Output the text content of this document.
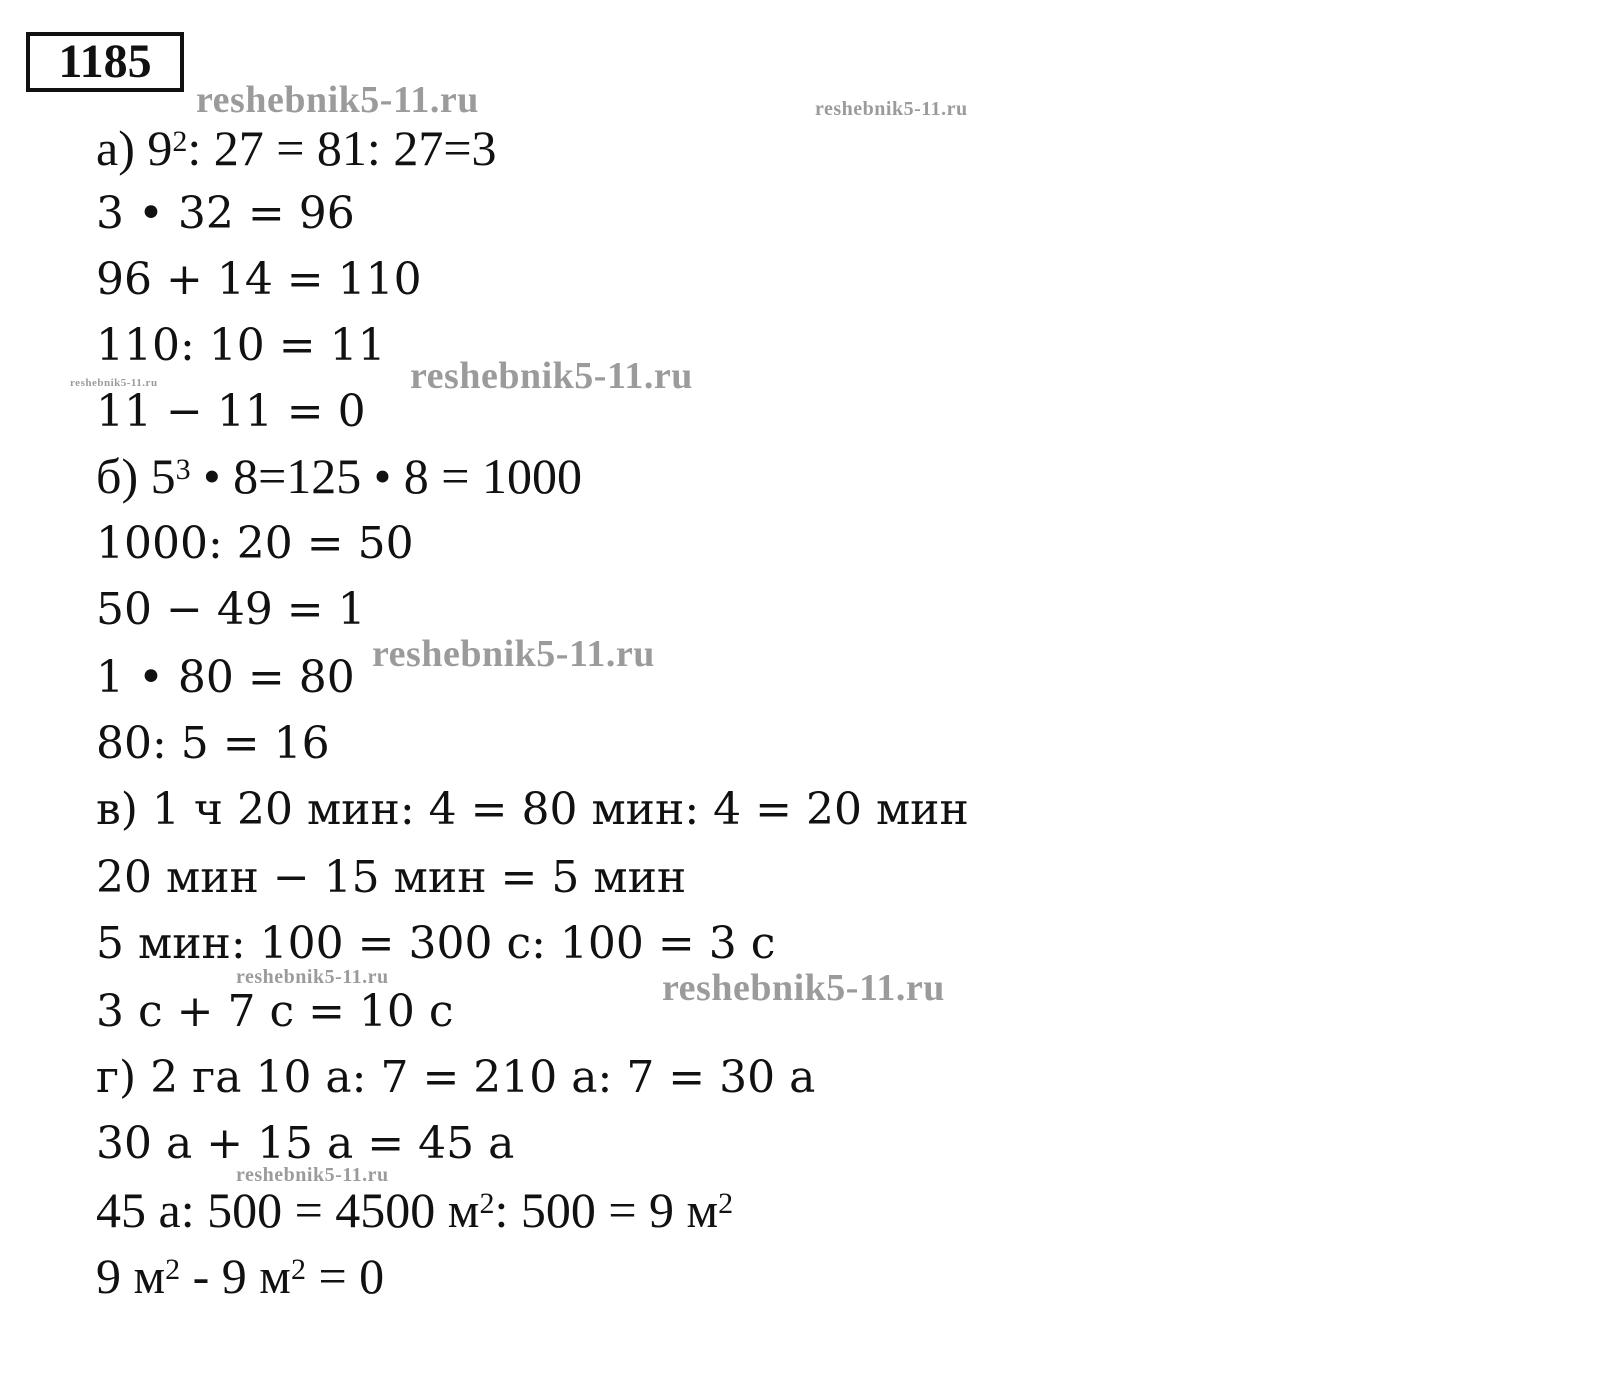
1185
а) $9^2$: 27 = 81: 27=3
3 • 32 = 96
96 + 14 = 110
110: 10 = 11
11 − 11 = 0
б) $5^3$ • 8=125 • 8 = 1000
1000: 20 = 50
50 − 49 = 1
1 • 80 = 80
80: 5 = 16
в) 1 ч 20 мин: 4 = 80 мин: 4 = 20 мин
20 мин − 15 мин = 5 мин
5 мин: 100 = 300 с: 100 = 3 с
3 с + 7 с = 10 с
г) 2 га 10 а: 7 = 210 а: 7 = 30 а
30 а + 15 а = 45 а
45 а: 500 = 4500 $м^2$: 500 = 9 $м^2$
9 $м^2 - 9$ $м^2 = 0$
reshebnik5-11.ru	reshebnik5-11.ru
reshebnik5-11.ru
reshebnik5-11.ru
reshebnik5-11.ru
reshebnik5-11.ru	reshebnik5-11.ru
reshebnik5-11.ru
